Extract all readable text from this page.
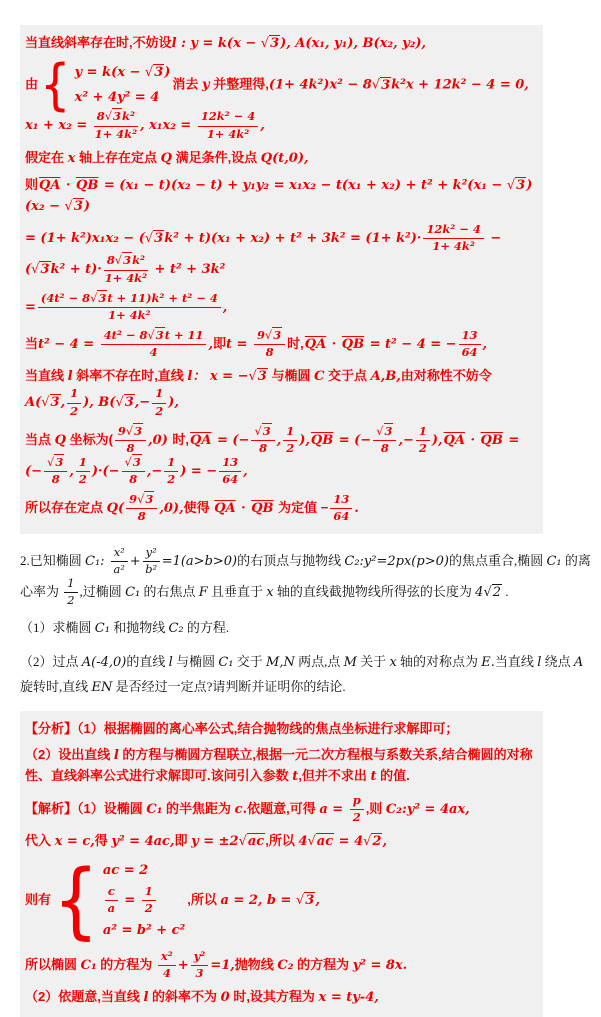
当直线斜率存在时,不妨设l : y = k(x − √3), A(x₁, y₁), B(x₂, y₂),

由 { y = k(x − √3)
x² + 4y² = 4
消去 y 并整理得,(1+ 4k²)x² − 8√3k²x + 12k² − 4 = 0, $x_1 + x_2 = \frac{\text{8√3k²}}{\text{1+ 4k²}}$ , $x_1x_2 = \frac{\text{12k² − 4}}{\text{1+ 4k²}}$ ,

假定在 x 轴上存在定点 Q 满足条件,设点 Q(t,0),

则$\overline{QA} \cdot \overline{QB} = (x_1 - t)(x_2 - t) + y_1y_2 = x_1x_2 - t(x_1 + x_2) + t^2 + k^2(x_1 - √3)(x_2 - √3)$

= $(1+ k^2)x_1x_2 - (√3k^2 + t)(x_1 + x_2) + t^2 + 3k^2 = (1+ k^2)\cdot \frac{\text{12k² − 4}}{\text{1+ 4k²}} - (√3k^2 + t)\cdot \frac{\text{8√3k²}}{\text{1+ 4k²}} + t^2 + 3k^2$

= $\frac{\text{(4t² − 8√3t + 11)k² + t² − 4}}{\text{1+ 4k²}}$ ,

当$t^2 - 4 = \frac{\text{4t² − 8√3t + 11}}{4}$ ,即$t = \frac{9√3}{8}$ 时$,\overline{QA} \cdot \overline{QB} = t^2 - 4$ = − $\frac{13}{64}$ ,

当直线 l 斜率不存在时,直线 l： x = −√3 与椭圆 C 交于点 A,B,由对称性不妨令 A(√3, $\frac{1}{2}$ ), $B(√3,- \frac{1}{2}$ ),

当点 Q 坐标为( $\frac{9√3}{8} ,0$) 时$,\overline{QA}$ = (− $\frac{√3}{8}$ , $\frac{1}{2} ),\overline{QB}$ = (− $\frac{√3}{8}$ ,− $\frac{1}{2} ),\overline{QA} \cdot \overline{QB}$ = (− $\frac{√3}{8}$ , $\frac{1}{2}$ )·(− $\frac{√3}{8}$ ,− $\frac{1}{2}$ ) = − $\frac{13}{64}$ ,

所以存在定点 $Q( \frac{9√3}{8} ,0)$,使得 $\overline{QA} \cdot \overline{QB}$ 为定值 − $\frac{13}{64}$ .

2.已知椭圆 C₁: $\frac{\text{x²}}{\text{a²}} + \frac{\text{y²}}{\text{b²}} =1(a>b>0)$的右顶点与抛物线 C₂:y²=2px(p>0)的焦点重合,椭圆 C₁ 的离心率为 $\frac{1}{2}$ ,过椭圆 C₁ 的右焦点 F 且垂直于 x 轴的直线截抛物线所得弦的长度为 4√2 .

（1）求椭圆 C₁ 和抛物线 C₂ 的方程.

（2）过点 A(-4,0)的直线 l 与椭圆 C₁ 交于 M,N 两点,点 M 关于 x 轴的对称点为 E.当直线 l 绕点 A 旋转时,直线 EN 是否经过一定点?请判断并证明你的结论.

【分析】（1）根据椭圆的离心率公式,结合抛物线的焦点坐标进行求解即可；

（2）设出直线 l 的方程与椭圆方程联立,根据一元二次方程根与系数关系,结合椭圆的对称性、直线斜率公式进行求解即可.该问引入参数 t,但并不求出 t 的值.

【解析】（1）设椭圆 C₁ 的半焦距为 c.依题意,可得 $a = \frac{p}{2}$ ,则 C₂:y² = 4ax,

代入 x = c,得 y² = 4ac,即 y = ±2√ac,所以 4√ac = 4√2,

则有 { ac = 2
$\frac{c}{a} = \frac{1}{2}$
a² = b² + c²
,所以 a = 2, b = √3,

所以椭圆 C₁ 的方程为 $\frac{\text{x²}}{4} + \frac{\text{y²}}{3} =1$,抛物线 C₂ 的方程为 y² = 8x.

（2）依题意,当直线 l 的斜率不为 0 时,设其方程为 x = ty-4,
